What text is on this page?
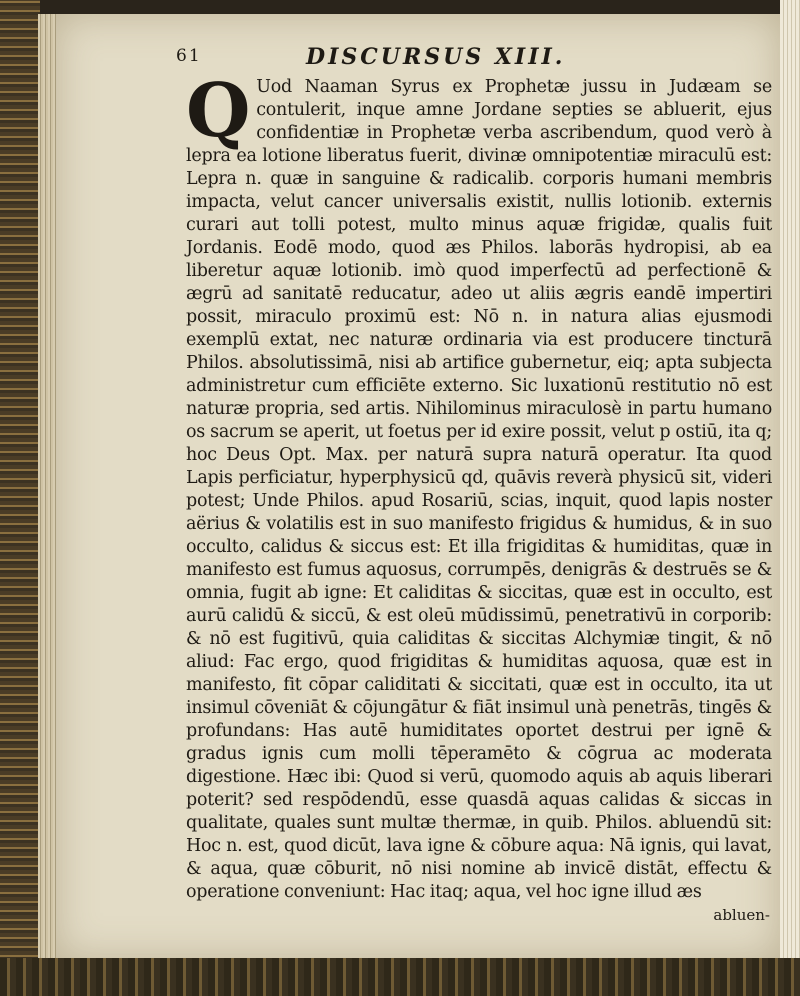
61	DISCURSUS XIII.
Q Uod Naaman Syrus ex Prophetæ jussu in Judæam se contulerit, inque amne Jordane septies se abluerit, ejus confidentiæ in Prophetæ verba ascribendum, quod verò à lepra ea lotione liberatus fuerit, divinæ omnipotentiæ miraculū est: Lepra n. quæ in sanguine & radicalib. corporis humani membris impacta, velut cancer universalis existit, nullis lotionib. externis curari aut tolli potest, multo minus aquæ frigidæ, qualis fuit Jordanis. Eodē modo, quod æs Philos. laborās hydropisi, ab ea liberetur aquæ lotionib. imò quod imperfectū ad perfectionē & ægrū ad sanitatē reducatur, adeo ut aliis ægris eandē impertiri possit, miraculo proximū est: Nō n. in natura alias ejusmodi exemplū extat, nec naturæ ordinaria via est producere tincturā Philos. absolutissimā, nisi ab artifice gubernetur, eiq; apta subjecta administretur cum efficiēte externo. Sic luxationū restitutio nō est naturæ propria, sed artis. Nihilominus miraculosè in partu humano os sacrum se aperit, ut foetus per id exire possit, velut p ostiū, ita q; hoc Deus Opt. Max. per naturā supra naturā operatur. Ita quod Lapis perficiatur, hyperphysicū qd, quāvis reverà physicū sit, videri potest; Unde Philos. apud Rosariū, scias, inquit, quod lapis noster aërius & volatilis est in suo manifesto frigidus & humidus, & in suo occulto, calidus & siccus est: Et illa frigiditas & humiditas, quæ in manifesto est fumus aquosus, corrumpēs, denigrās & destruēs se & omnia, fugit ab igne: Et caliditas & siccitas, quæ est in occulto, est aurū calidū & siccū, & est oleū mūdissimū, penetrativū in corporib: & nō est fugitivū, quia caliditas & siccitas Alchymiæ tingit, & nō aliud: Fac ergo, quod frigiditas & humiditas aquosa, quæ est in manifesto, fit cōpar caliditati & siccitati, quæ est in occulto, ita ut insimul cōveniāt & cōjungātur & fiāt insimul unà penetrās, tingēs & profundans: Has autē humiditates oportet destrui per ignē & gradus ignis cum molli tēperamēto & cōgrua ac moderata digestione. Hæc ibi: Quod si verū, quomodo aquis ab aquis liberari poterit? sed respōdendū, esse quasdā aquas calidas & siccas in qualitate, quales sunt multæ thermæ, in quib. Philos. abluendū sit: Hoc n. est, quod dicūt, lava igne & cōbure aqua: Nā ignis, qui lavat, & aqua, quæ cōburit, nō nisi nomine ab invicē distāt, effectu & operatione conveniunt: Hac itaq; aqua, vel hoc igne illud æs
abluen-
